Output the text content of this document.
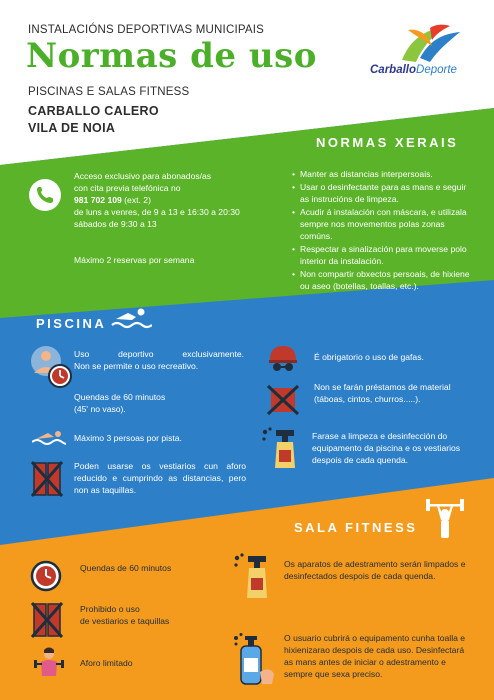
INSTALACIÓNS DEPORTIVAS MUNICIPAIS
Normas de uso
PISCINAS E SALAS FITNESS
CARBALLO CALERO
VILA DE NOIA
CarballoDeporte
NORMAS XERAIS
Acceso exclusivo para abonados/as
con cita previa telefónica no
981 702 109 (ext. 2)
de luns a venres, de 9 a 13 e 16:30 a 20:30
sábados de 9:30 a 13
Máximo 2 reservas por semana
• Manter as distancias interpersoais.
• Usar o desinfectante para as mans e seguir as instrucións de limpeza.
• Acudir á instalación con máscara, e utilizala sempre nos movementos polas zonas comúns.
• Respectar a sinalización para moverse polo interior da instalación.
• Non compartir obxectos persoais, de hixiene ou aseo (botellas, toallas, etc.).
PISCINA
Uso deportivo exclusivamente.
Non se permite o uso recreativo.
Quendas de 60 minutos
(45' no vaso).
Máximo 3 persoas por pista.
Poden usarse os vestiarios cun aforo reducido e cumprindo as distancias, pero non as taquillas.
É obrigatorio o uso de gafas.
Non se farán préstamos de material (táboas, cintos, churros.....).
Farase a limpeza e desinfección do equipamento da piscina e os vestiarios despois de cada quenda.
SALA FITNESS
Quendas de 60 minutos
Prohibido o uso
de vestiarios e taquillas
Aforo limitado
Os aparatos de adestramento serán limpados e desinfectados despois de cada quenda.
O usuario cubrirá o equipamento cunha toalla e hixienizarao despois de cada uso. Desinfectará as mans antes de iniciar o adestramento e sempre que sexa preciso.
